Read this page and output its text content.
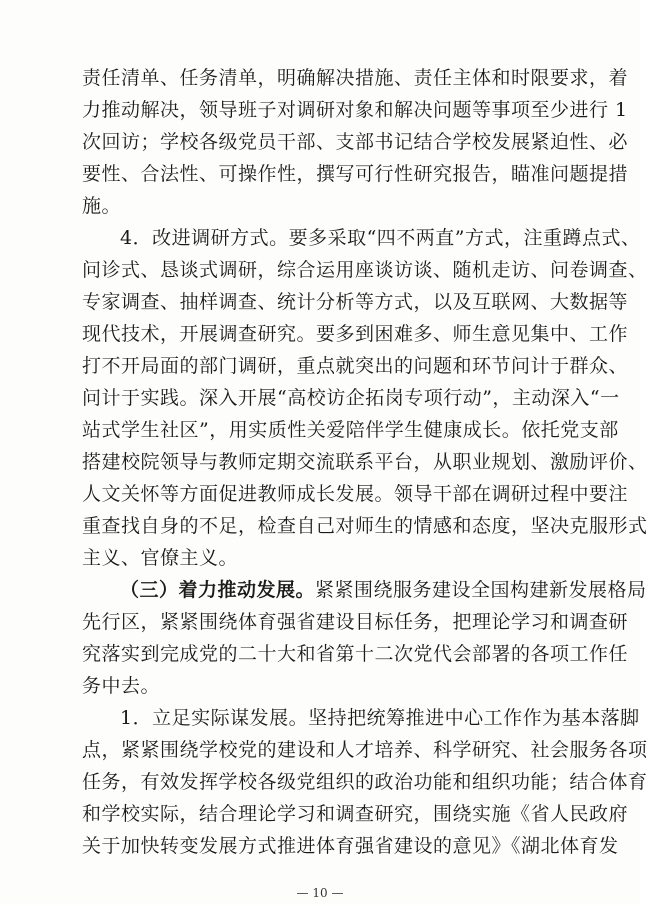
责任清单、任务清单，明确解决措施、责任主体和时限要求，着
力推动解决，领导班子对调研对象和解决问题等事项至少进行 1
次回访；学校各级党员干部、支部书记结合学校发展紧迫性、必
要性、合法性、可操作性，撰写可行性研究报告，瞄准问题提措
施。
4．改进调研方式。要多采取“四不两直”方式，注重蹲点式、
问诊式、恳谈式调研，综合运用座谈访谈、随机走访、问卷调查、
专家调查、抽样调查、统计分析等方式，以及互联网、大数据等
现代技术，开展调查研究。要多到困难多、师生意见集中、工作
打不开局面的部门调研，重点就突出的问题和环节问计于群众、
问计于实践。深入开展“高校访企拓岗专项行动”，主动深入“一
站式学生社区”，用实质性关爱陪伴学生健康成长。依托党支部
搭建校院领导与教师定期交流联系平台，从职业规划、激励评价、
人文关怀等方面促进教师成长发展。领导干部在调研过程中要注
重查找自身的不足，检查自己对师生的情感和态度，坚决克服形式
主义、官僚主义。
（三）着力推动发展。紧紧围绕服务建设全国构建新发展格局
先行区，紧紧围绕体育强省建设目标任务，把理论学习和调查研
究落实到完成党的二十大和省第十二次党代会部署的各项工作任
务中去。
1．立足实际谋发展。坚持把统筹推进中心工作作为基本落脚
点，紧紧围绕学校党的建设和人才培养、科学研究、社会服务各项
任务，有效发挥学校各级党组织的政治功能和组织功能；结合体育
和学校实际，结合理论学习和调查研究，围绕实施《省人民政府
— 10 —
关于加快转变发展方式推进体育强省建设的意见》《湖北体育发
